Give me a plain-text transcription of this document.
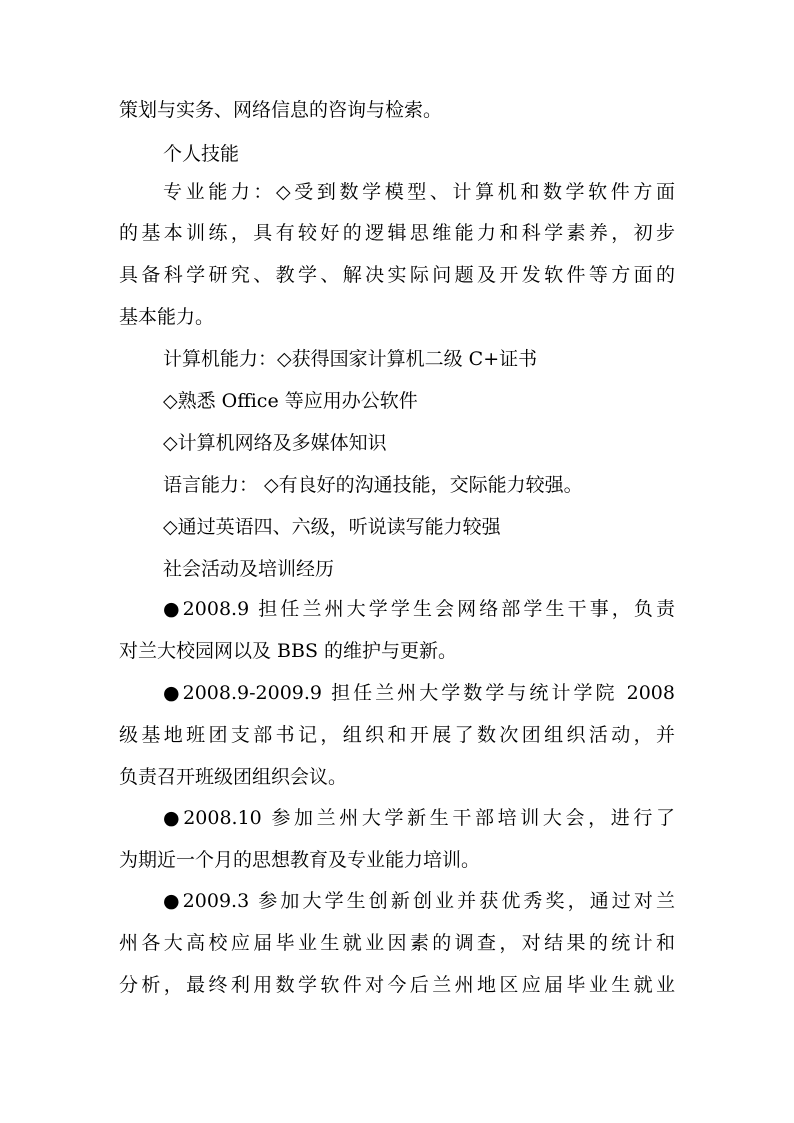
策划与实务、网络信息的咨询与检索。
个人技能
专业能力：◇受到数学模型、计算机和数学软件方面
的基本训练，具有较好的逻辑思维能力和科学素养，初步
具备科学研究、教学、解决实际问题及开发软件等方面的
基本能力。
计算机能力：◇获得国家计算机二级 C+证书
◇熟悉 Office 等应用办公软件
◇计算机网络及多媒体知识
语言能力： ◇有良好的沟通技能，交际能力较强。
◇通过英语四、六级，听说读写能力较强
社会活动及培训经历
●2008.9 担任兰州大学学生会网络部学生干事，负责
对兰大校园网以及 BBS 的维护与更新。
●2008.9-2009.9 担任兰州大学数学与统计学院 2008
级基地班团支部书记，组织和开展了数次团组织活动，并
负责召开班级团组织会议。
●2008.10 参加兰州大学新生干部培训大会，进行了
为期近一个月的思想教育及专业能力培训。
●2009.3 参加大学生创新创业并获优秀奖，通过对兰
州各大高校应届毕业生就业因素的调查，对结果的统计和
分析，最终利用数学软件对今后兰州地区应届毕业生就业
